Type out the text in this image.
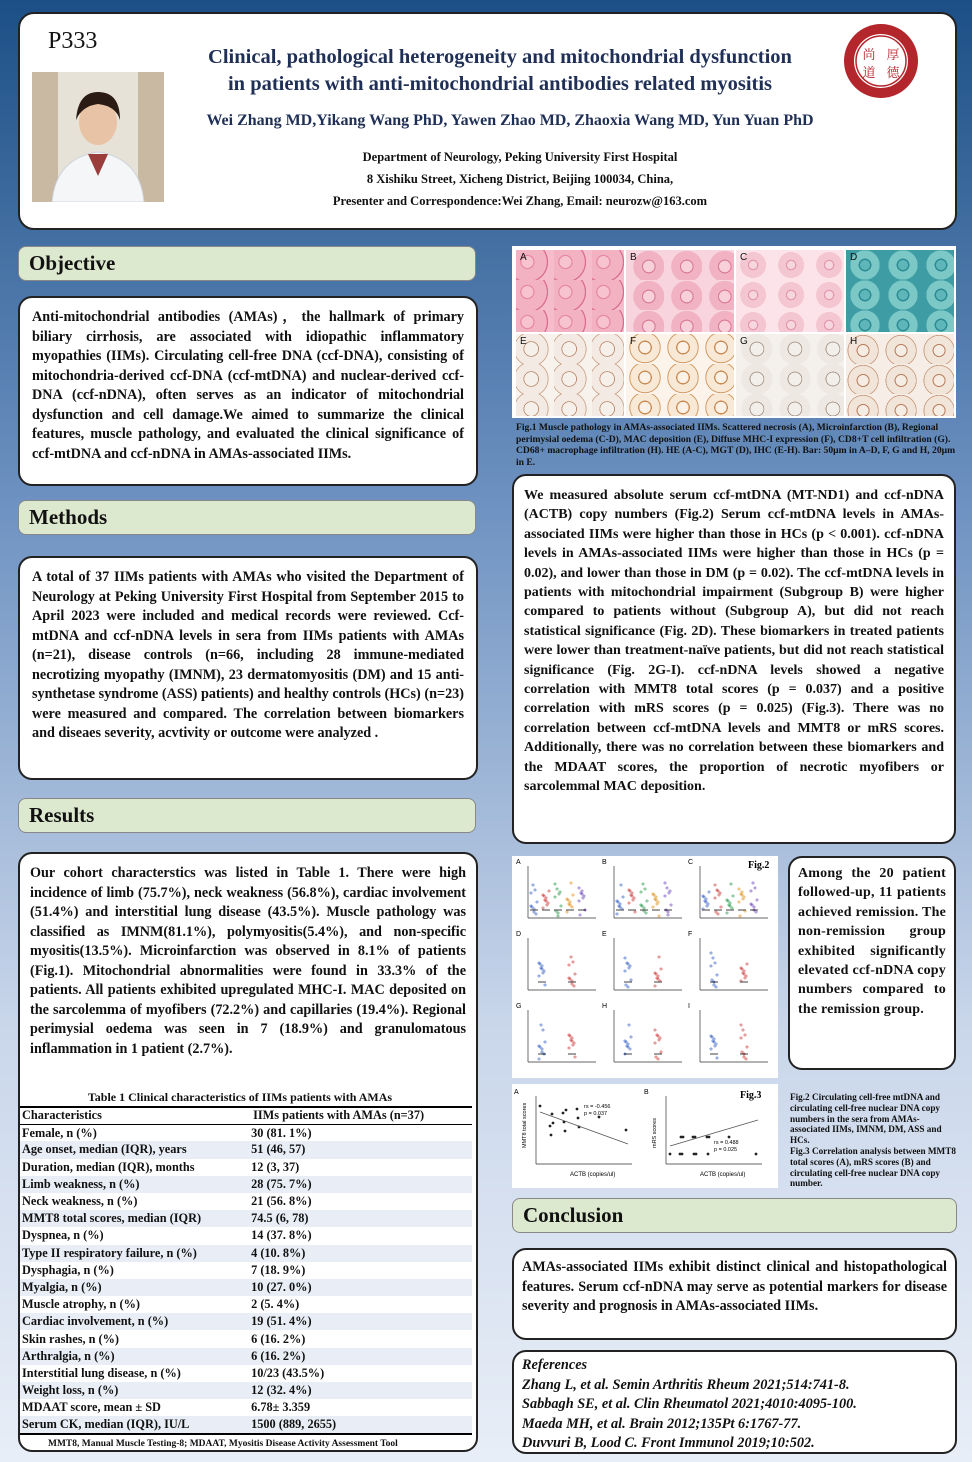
P333
尚 厚
道 德
Clinical, pathological heterogeneity and mitochondrial dysfunction
in patients with anti-mitochondrial antibodies related myositis
Wei Zhang MD,Yikang Wang PhD, Yawen Zhao MD, Zhaoxia Wang MD, Yun Yuan PhD
Department of Neurology, Peking University First Hospital
8 Xishiku Street, Xicheng District, Beijing 100034, China,
Presenter and Correspondence:Wei Zhang, Email: neurozw@163.com
Objective

Anti-mitochondrial antibodies (AMAs)，the hallmark of primary biliary cirrhosis, are associated with idiopathic inflammatory myopathies (IIMs). Circulating cell-free DNA (ccf-DNA), consisting of mitochondria-derived ccf-DNA (ccf-mtDNA) and nuclear-derived ccf-DNA (ccf-nDNA), often serves as an indicator of mitochondrial dysfunction and cell damage.We aimed to summarize the clinical features, muscle pathology, and evaluated the clinical significance of ccf-mtDNA and ccf-nDNA in AMAs-associated IIMs.

Methods

A total of 37 IIMs patients with AMAs who visited the Department of Neurology at Peking University First Hospital from September 2015 to April 2023 were included and medical records were reviewed. Ccf-mtDNA and ccf-nDNA levels in sera from IIMs patients with AMAs (n=21), disease controls (n=66, including 28 immune-mediated necrotizing myopathy (IMNM), 23 dermatomyositis (DM) and 15 anti-synthetase syndrome (ASS) patients) and healthy controls (HCs) (n=23) were measured and compared. The correlation between biomarkers and diseaes severity, acvtivity or outcome were analyzed .

Results

Our cohort characterstics was listed in Table 1. There were high incidence of limb (75.7%), neck weakness (56.8%), cardiac involvement (51.4%) and interstitial lung disease (43.5%). Muscle pathology was classified as IMNM(81.1%), polymyositis(5.4%), and non-specific myositis(13.5%). Microinfarction was observed in 8.1% of patients (Fig.1). Mitochondrial abnormalities were found in 33.3% of the patients. All patients exhibited upregulated MHC-I. MAC deposited on the sarcolemma of myofibers (72.2%) and capillaries (19.4%). Regional perimysial oedema was seen in 7 (18.9%) and granulomatous inflammation in 1 patient (2.7%).

Table 1 Clinical characteristics of IIMs patients with AMAs
Characteristics	IIMs patients with AMAs (n=37)
Female, n (%)	30 (81. 1%)
Age onset, median (IQR), years	51 (46, 57)
Duration, median (IQR), months	12 (3, 37)
Limb weakness, n (%)	28 (75. 7%)
Neck weakness, n (%)	21 (56. 8%)
MMT8 total scores, median (IQR)	74.5 (6, 78)
Dyspnea, n (%)	14 (37. 8%)
Type II respiratory failure, n (%)	4 (10. 8%)
Dysphagia, n (%)	7 (18. 9%)
Myalgia, n (%)	10 (27. 0%)
Muscle atrophy, n (%)	2 (5. 4%)
Cardiac involvement, n (%)	19 (51. 4%)
Skin rashes, n (%)	6 (16. 2%)
Arthralgia, n (%)	6 (16. 2%)
Interstitial lung disease, n (%)	10/23 (43.5%)
Weight loss, n (%)	12 (32. 4%)
MDAAT score, mean ± SD	6.78± 3.359
Serum CK, median (IQR), IU/L	1500 (889, 2655)
MMT8, Manual Muscle Testing-8; MDAAT, Myositis Disease Activity Assessment Tool
A	B	C	D
E	F	G	H
Fig.1 Muscle pathology in AMAs-associated IIMs. Scattered necrosis (A), Microinfarction (B), Regional perimysial oedema (C-D), MAC deposition (E), Diffuse MHC-I expression (F), CD8+T cell infiltration (G). CD68+ macrophage infiltration (H). HE (A-C), MGT (D), IHC (E-H). Bar: 50μm in A–D, F, G and H, 20μm in E.

We measured absolute serum ccf-mtDNA (MT-ND1) and ccf-nDNA (ACTB) copy numbers (Fig.2) Serum ccf-mtDNA levels in AMAs-associated IIMs were higher than those in HCs (p < 0.001). ccf-nDNA levels in AMAs-associated IIMs were higher than those in HCs (p = 0.02), and lower than those in DM (p = 0.02). The ccf-mtDNA levels in patients with mitochondrial impairment (Subgroup B) were higher compared to patients without (Subgroup A), but did not reach statistical significance (Fig. 2D). These biomarkers in treated patients were lower than treatment-naïve patients, but did not reach statistical significance (Fig. 2G-I). ccf-nDNA levels showed a negative correlation with MMT8 total scores (p = 0.037) and a positive correlation with mRS scores (p = 0.025) (Fig.3). There was no correlation between ccf-mtDNA levels and MMT8 or mRS scores. Additionally, there was no correlation between these biomarkers and the MDAAT scores, the proportion of necrotic myofibers or sarcolemmal MAC deposition.

Fig.2
A	B	C
D	E	F
G	H	I

Among the 20 patient followed-up, 11 patients achieved remission. The non-remission group exhibited significantly elevated ccf-nDNA copy numbers compared to the remission group.

Fig.3
A
rs = -0.456
p = 0.037
ACTB (copies/ul)
MMT8 total scores
B
rs = 0.488
p = 0.025
ACTB (copies/ul)
mRS scores
Fig.2 Circulating cell-free mtDNA and circulating cell-free nuclear DNA copy numbers in the sera from AMAs-associated IIMs, IMNM, DM, ASS and HCs.
Fig.3 Correlation analysis between MMT8 total scores (A), mRS scores (B) and circulating cell-free nuclear DNA copy number.
Conclusion

AMAs-associated IIMs exhibit distinct clinical and histopathological features. Serum ccf-nDNA may serve as potential markers for disease severity and prognosis in AMAs-associated IIMs.

References
Zhang L, et al. Semin Arthritis Rheum 2021;514:741-8.
Sabbagh SE, et al. Clin Rheumatol 2021;4010:4095-100.
Maeda MH, et al. Brain 2012;135Pt 6:1767-77.
Duvvuri B, Lood C. Front Immunol 2019;10:502.
